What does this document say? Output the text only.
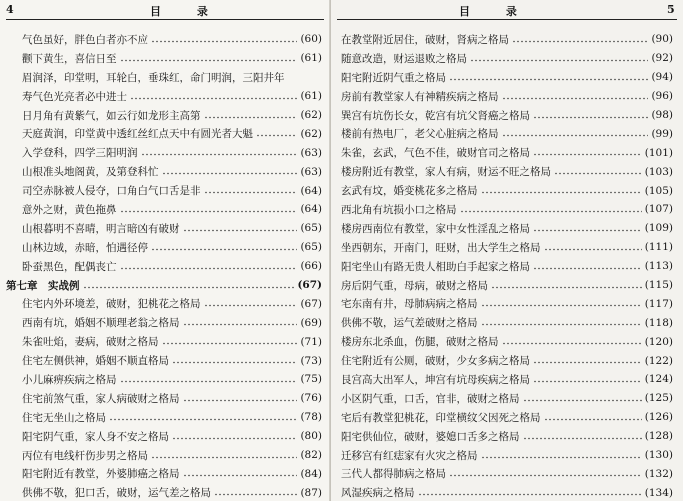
4	目 录
气色虽好，胖色白者亦不应	(60)
颧下黄生，喜信日至	(61)
眉润泽，印堂明，耳轮白，垂珠红，命门明润，三阳井年
寿气色光亮者必中进士	(61)
日月角有黄紫气，如云行如龙形主高第	(62)
天庭黄润，印堂黄中透红丝红点天中有圆光者大魁	(62)
入学登科，四学三阳明润	(63)
山根准头地阁黄，及第登科忙	(63)
司空赤脉被人侵夺，口角白气口舌是非	(64)
意外之财，黄色拖鼻	(64)
山根暮明不喜晴，明言暗凶有破财	(65)
山林边域，赤暗，怕遇径停	(65)
卧蚕黑色，配偶丧亡	(66)
第七章　实战例	(67)
住宅内外环境差，破财，犯桃花之格局	(67)
西南有坑，婚姻不顺理老翁之格局	(69)
朱雀吐焰，妻病，破财之格局	(71)
住宅左侧供神，婚姻不顺直格局	(73)
小儿麻痹疾病之格局	(75)
住宅前煞气重，家人病破财之格局	(76)
住宅无坐山之格局	(78)
阳宅阴气重，家人身不安之格局	(80)
丙位有电线杆伤步男之格局	(82)
阳宅附近有教堂，外婆肺癌之格局	(84)
供佛不敬，犯口舌，破财，运气差之格局	(87)
目 录	5
在教堂附近居住，破财，肾病之格局	(90)
随意改造，财运退败之格局	(92)
阳宅附近阴气重之格局	(94)
房前有教堂家人有神精疾病之格局	(96)
巽宫有坑伤长女，乾宫有坑父肾癌之格局	(98)
楼前有热电厂，老父心脏病之格局	(99)
朱雀，玄武，气色不佳，破财官司之格局	(101)
楼房附近有教堂，家人有病，财运不旺之格局	(103)
玄武有坟，婚变桃花多之格局	(105)
西北角有坑损小口之格局	(107)
楼房西南位有教堂，家中女性淫乱之格局	(109)
坐西朝东，开南门，旺财，出大学生之格局	(111)
阳宅坐山有路无贵人相助白手起家之格局	(113)
房后阴气重，母病，破财之格局	(115)
宅东南有井，母肺病病之格局	(117)
供佛不敬，运气差破财之格局	(118)
楼房东北杀血，伤腿，破财之格局	(120)
住宅附近有公厕，破财，少女多病之格局	(122)
艮宫高大出军人，坤宫有坑母疾病之格局	(124)
小区阴气重，口舌，官非，破财之格局	(125)
宅后有教堂犯桃花，印堂横纹父因死之格局	(126)
阳宅供仙位，破财，婆媳口舌多之格局	(128)
迁移宫有红痣家有火灾之格局	(130)
三代人都得肺病之格局	(132)
风湿疾病之格局	(134)
